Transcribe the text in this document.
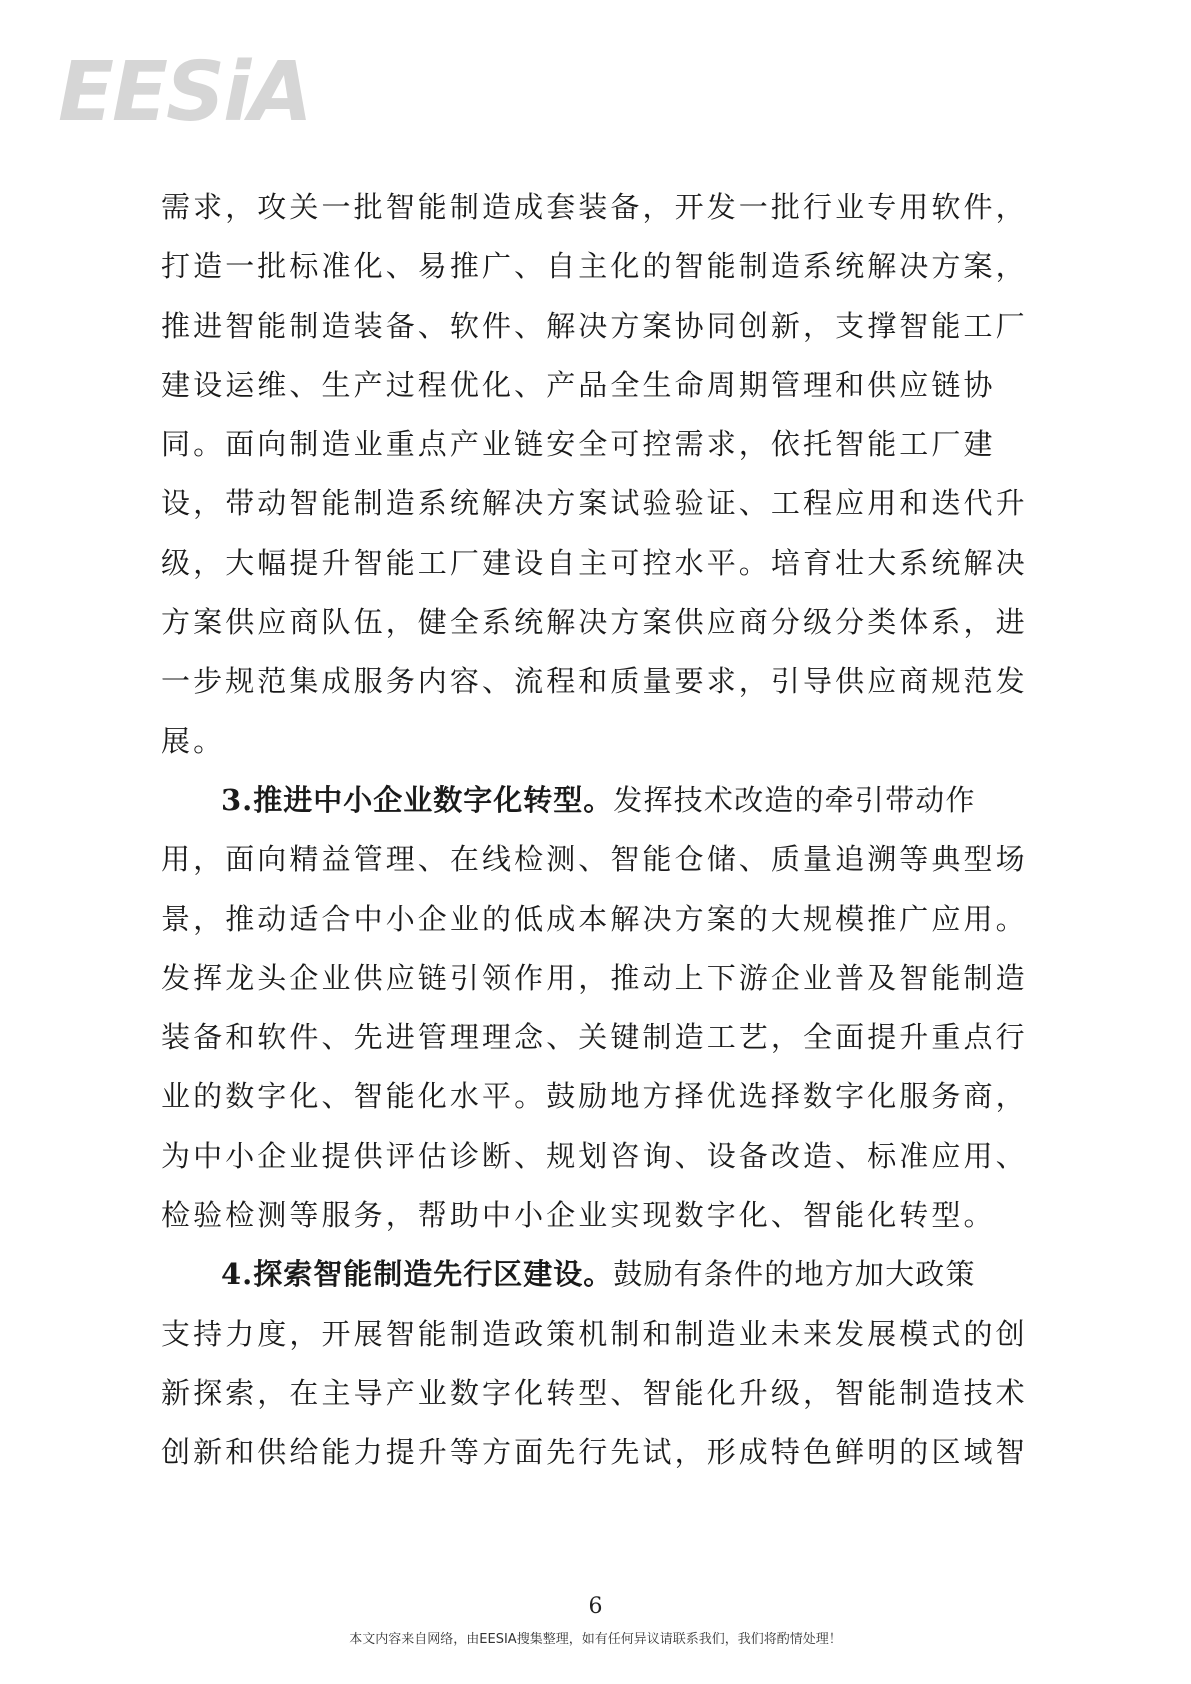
EESiA
需求，攻关一批智能制造成套装备，开发一批行业专用软件，
打造一批标准化、易推广、自主化的智能制造系统解决方案，
推进智能制造装备、软件、解决方案协同创新，支撑智能工厂
建设运维、生产过程优化、产品全生命周期管理和供应链协
同。面向制造业重点产业链安全可控需求，依托智能工厂建
设，带动智能制造系统解决方案试验验证、工程应用和迭代升
级，大幅提升智能工厂建设自主可控水平。培育壮大系统解决
方案供应商队伍，健全系统解决方案供应商分级分类体系，进
一步规范集成服务内容、流程和质量要求，引导供应商规范发
展。
3.推进中小企业数字化转型。发挥技术改造的牵引带动作
用，面向精益管理、在线检测、智能仓储、质量追溯等典型场
景，推动适合中小企业的低成本解决方案的大规模推广应用。
发挥龙头企业供应链引领作用，推动上下游企业普及智能制造
装备和软件、先进管理理念、关键制造工艺，全面提升重点行
业的数字化、智能化水平。鼓励地方择优选择数字化服务商，
为中小企业提供评估诊断、规划咨询、设备改造、标准应用、
检验检测等服务，帮助中小企业实现数字化、智能化转型。
4.探索智能制造先行区建设。鼓励有条件的地方加大政策
支持力度，开展智能制造政策机制和制造业未来发展模式的创
新探索，在主导产业数字化转型、智能化升级，智能制造技术
创新和供给能力提升等方面先行先试，形成特色鲜明的区域智
6
本文内容来自网络，由EESIA搜集整理，如有任何异议请联系我们，我们将酌情处理！
